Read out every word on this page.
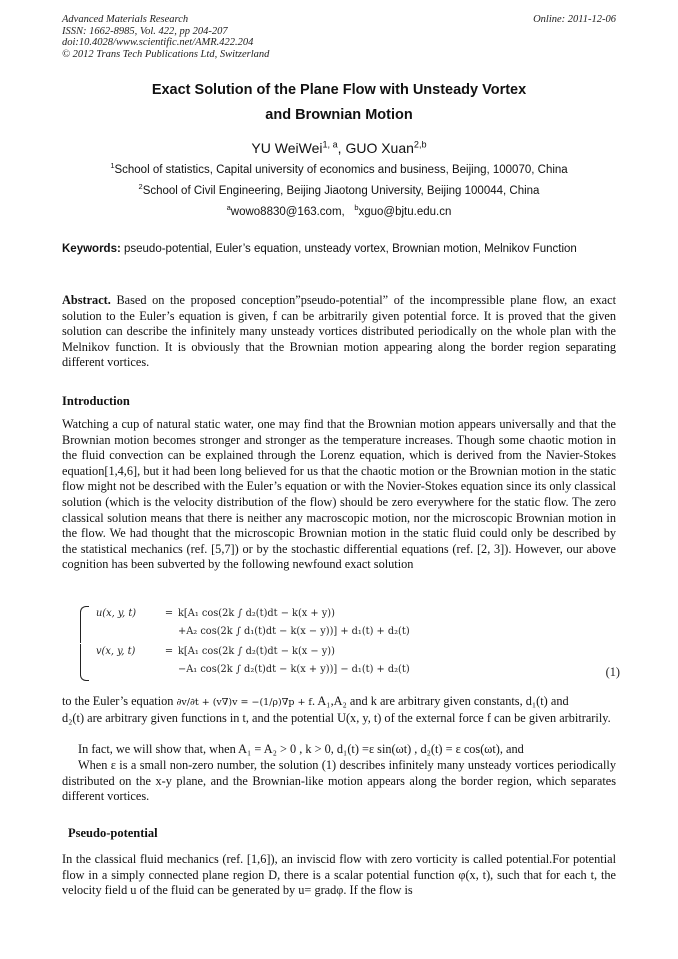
Advanced Materials Research
ISSN: 1662-8985, Vol. 422, pp 204-207
doi:10.4028/www.scientific.net/AMR.422.204
© 2012 Trans Tech Publications Ltd, Switzerland
Online: 2011-12-06
Exact Solution of the Plane Flow with Unsteady Vortex
and Brownian Motion
YU WeiWei$^{1, a}$, GUO Xuan$^{2,b}$
$^1$School of statistics, Capital university of economics and business, Beijing, 100070, China
$^2$School of Civil Engineering, Beijing Jiaotong University, Beijing 100044, China
$^a$wowo8830@163.com, $^b$xguo@bjtu.edu.cn
Keywords: pseudo-potential, Euler’s equation, unsteady vortex, Brownian motion, Melnikov Function
Abstract. Based on the proposed conception”pseudo-potential” of the incompressible plane flow, an exact solution to the Euler’s equation is given, f can be arbitrarily given potential force. It is proved that the given solution can describe the infinitely many unsteady vortices distributed periodically on the whole plan with the Melnikov function. It is obviously that the Brownian motion appearing along the border region separating different vortices.
Introduction
Watching a cup of natural static water, one may find that the Brownian motion appears universally and that the Brownian motion becomes stronger and stronger as the temperature increases. Though some chaotic motion in the fluid convection can be explained through the Lorenz equation, which is derived from the Navier-Stokes equation[1,4,6], but it had been long believed for us that the chaotic motion or the Brownian motion in the static flow might not be described with the Euler’s equation or with the Novier-Stokes equation since its only classical solution (which is the velocity distribution of the flow) should be zero everywhere for the static flow. The zero classical solution means that there is neither any macroscopic motion, nor the microscopic Brownian motion in the flow. We had thought that the microscopic Brownian motion in the static fluid could only be described by the statistical mechanics (ref. [5,7]) or by the stochastic differential equations (ref. [2, 3]). However, our above cognition has been subverted by the following newfound exact solution
u(x, y, t)	= k[A₁ cos(2k ∫ d₂(t)dt − k(x + y))
+A₂ cos(2k ∫ d₁(t)dt − k(x − y))] + d₁(t) + d₂(t)
v(x, y, t)	= k[A₁ cos(2k ∫ d₂(t)dt − k(x − y))
−A₁ cos(2k ∫ d₂(t)dt − k(x + y))] − d₁(t) + d₂(t)	(1)
to the Euler’s equation ∂v/∂t + (v∇)v = −(1/ρ)∇p + f. A₁,A₂ and k are arbitrary given constants, d₁(t) and
d₂(t) are arbitrary given functions in t, and the potential U(x, y, t) of the external force f can be given arbitrarily.
In fact, we will show that, when A₁ = A₂ > 0 , k > 0, d₁(t) =ε sin(ωt) , d₂(t) = ε cos(ωt), and
When ε is a small non-zero number, the solution (1) describes infinitely many unsteady vortices periodically distributed on the x-y plane, and the Brownian-like motion appears along the border region, which separates different vortices.
Pseudo-potential
In the classical fluid mechanics (ref. [1,6]), an inviscid flow with zero vorticity is called potential.For potential flow in a simply connected plane region D, there is a scalar potential function φ(x, t), such that for each t, the velocity field u of the fluid can be generated by u= gradφ. If the flow is
